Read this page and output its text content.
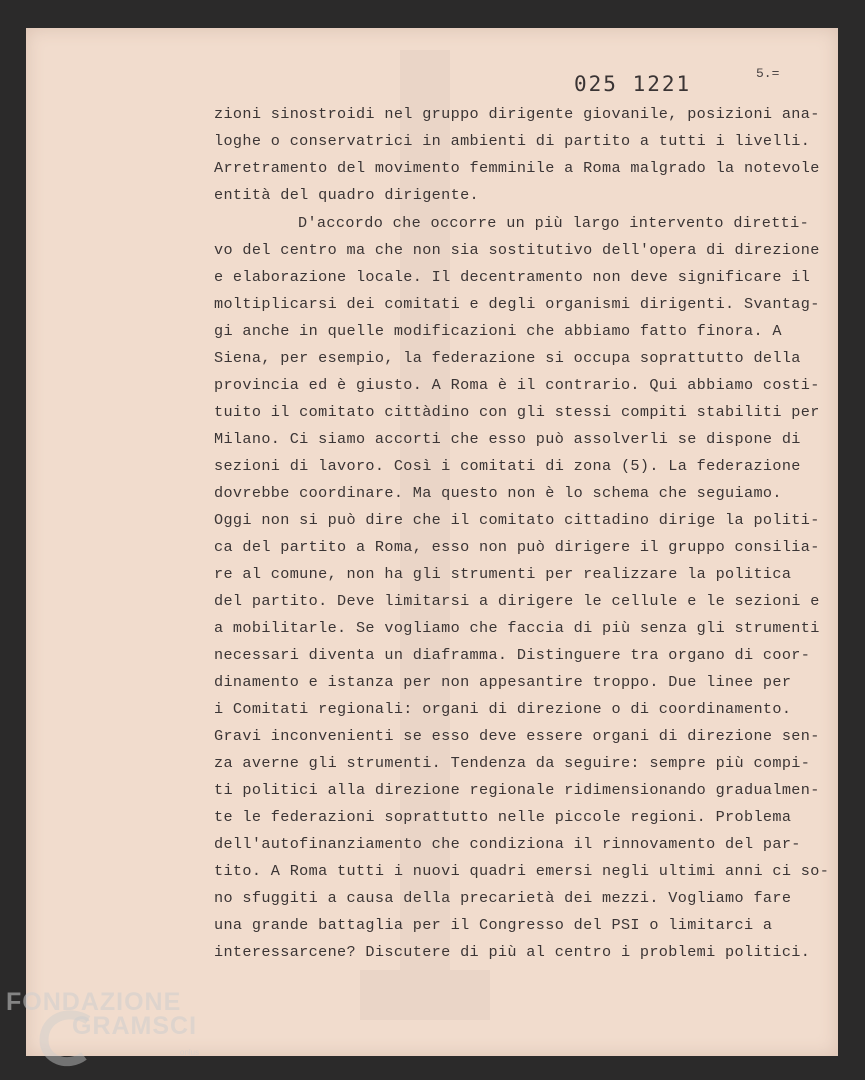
025 1221	5.=
zioni sinostroidi nel gruppo dirigente giovanile, posizioni ana-
loghe o conservatrici in ambienti di partito a tutti i livelli.
Arretramento del movimento femminile a Roma malgrado la notevole
entità del quadro dirigente.
D'accordo che occorre un più largo intervento diretti-
vo del centro ma che non sia sostitutivo dell'opera di direzione
e elaborazione locale. Il decentramento non deve significare il
moltiplicarsi dei comitati e degli organismi dirigenti. Svantag-
gi anche in quelle modificazioni che abbiamo fatto finora. A
Siena, per esempio, la federazione si occupa soprattutto della
provincia ed è giusto. A Roma è il contrario. Qui abbiamo costi-
tuito il comitato cittàdino con gli stessi compiti stabiliti per
Milano. Ci siamo accorti che esso può assolverli se dispone di
sezioni di lavoro. Così i comitati di zona (5). La federazione
dovrebbe coordinare. Ma questo non è lo schema che seguiamo.
Oggi non si può dire che il comitato cittadino dirige la politi-
ca del partito a Roma, esso non può dirigere il gruppo consilia-
re al comune, non ha gli strumenti per realizzare la politica
del partito. Deve limitarsi a dirigere le cellule e le sezioni e
a mobilitarle. Se vogliamo che faccia di più senza gli strumenti
necessari diventa un diaframma. Distinguere tra organo di coor-
dinamento e istanza per non appesantire troppo. Due linee per
i Comitati regionali: organi di direzione o di coordinamento.
Gravi inconvenienti se esso deve essere organi di direzione sen-
za averne gli strumenti. Tendenza da seguire: sempre più compi-
ti politici alla direzione regionale ridimensionando gradualmen-
te le federazioni soprattutto nelle piccole regioni. Problema
dell'autofinanziamento che condiziona il rinnovamento del par-
tito. A Roma tutti i nuovi quadri emersi negli ultimi anni ci so-
no sfuggiti a causa della precarietà dei mezzi. Vogliamo fare
una grande battaglia per il Congresso del PSI o limitarci a
interessarcene? Discutere di più al centro i problemi politici.
FONDAZIONE
GRAMSCI
onlus
